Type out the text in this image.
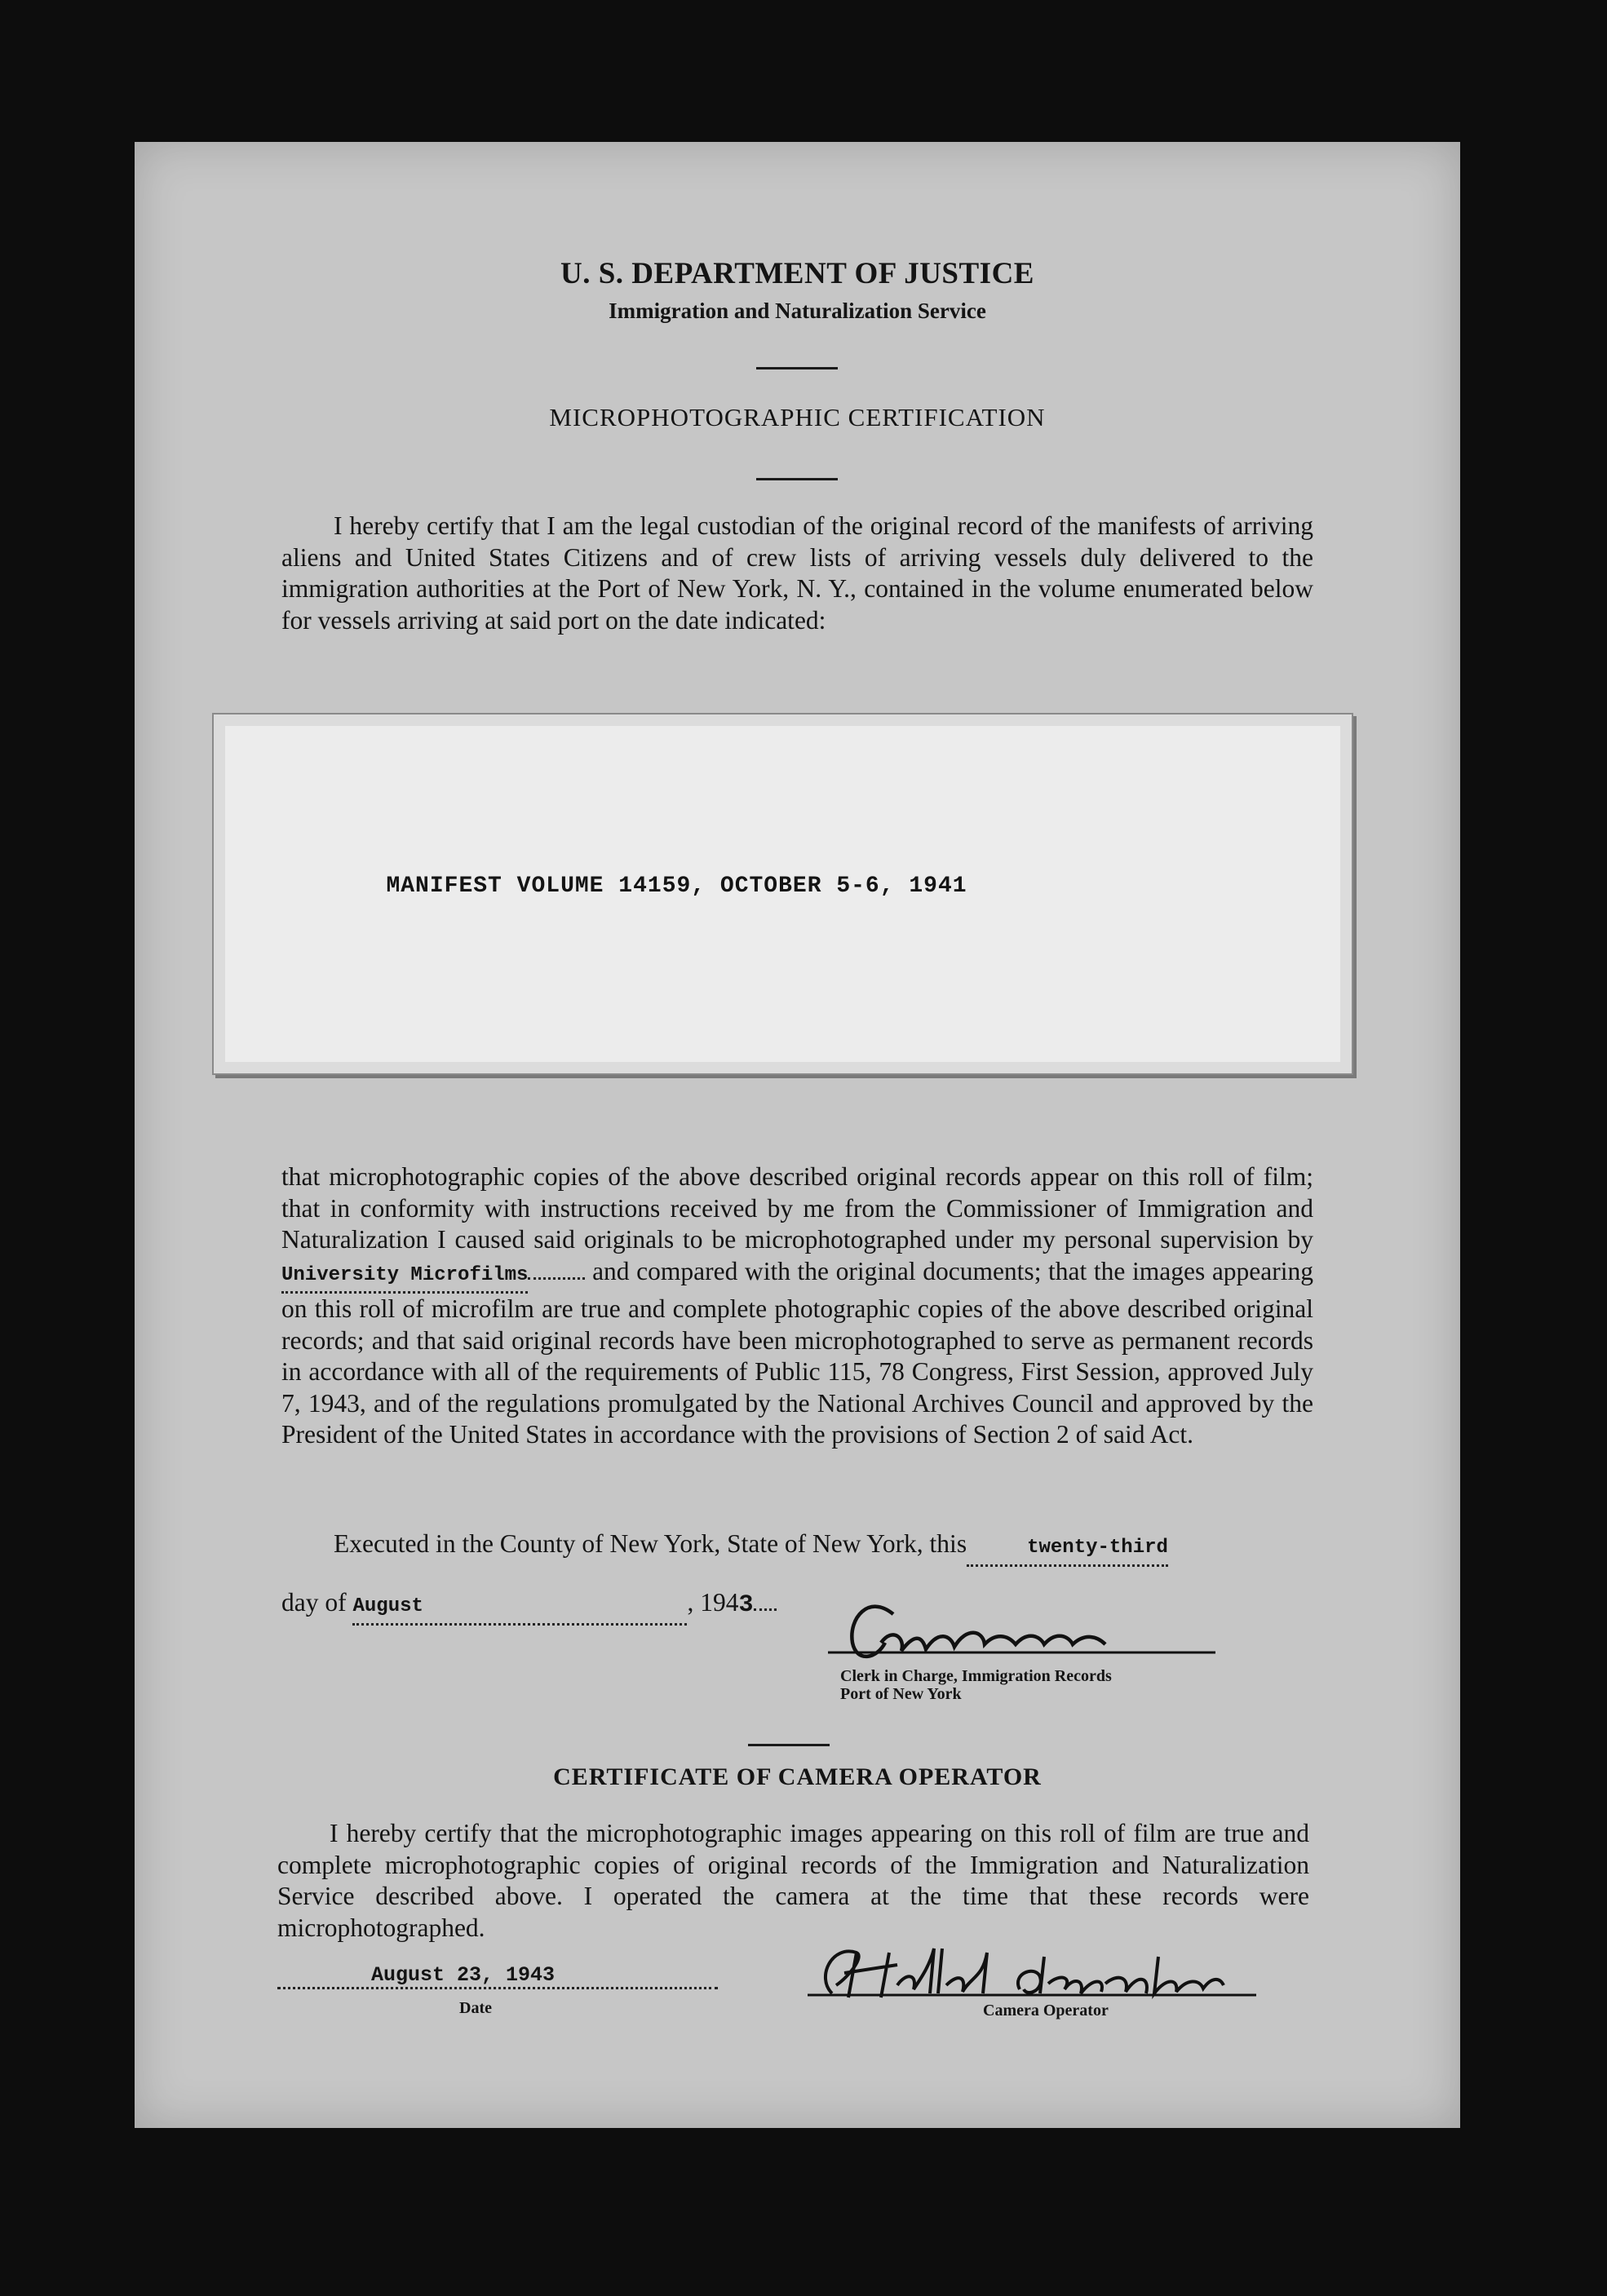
U. S. DEPARTMENT OF JUSTICE
Immigration and Naturalization Service
MICROPHOTOGRAPHIC CERTIFICATION
I hereby certify that I am the legal custodian of the original record of the manifests of arriving aliens and United States Citizens and of crew lists of arriving vessels duly delivered to the immigration authorities at the Port of New York, N. Y., contained in the volume enumerated below for vessels arriving at said port on the date indicated:
MANIFEST VOLUME 14159, OCTOBER 5-6, 1941
that microphotographic copies of the above described original records appear on this roll of film; that in conformity with instructions received by me from the Commissioner of Immigration and Naturalization I caused said originals to be microphotographed under my personal supervision by University Microfilms and compared with the original documents; that the images appearing on this roll of microfilm are true and complete photographic copies of the above described original records; and that said original records have been microphotographed to serve as permanent records in accordance with all of the requirements of Public 115, 78 Congress, First Session, approved July 7, 1943, and of the regulations promulgated by the National Archives Council and approved by the President of the United States in accordance with the provisions of Section 2 of said Act.
Executed in the County of New York, State of New York, this	twenty-third
day of August	, 1943
Clerk in Charge, Immigration Records
Port of New York
CERTIFICATE OF CAMERA OPERATOR
I hereby certify that the microphotographic images appearing on this roll of film are true and complete microphotographic copies of original records of the Immigration and Naturalization Service described above. I operated the camera at the time that these records were microphotographed.
August 23, 1943
Date	Camera Operator
